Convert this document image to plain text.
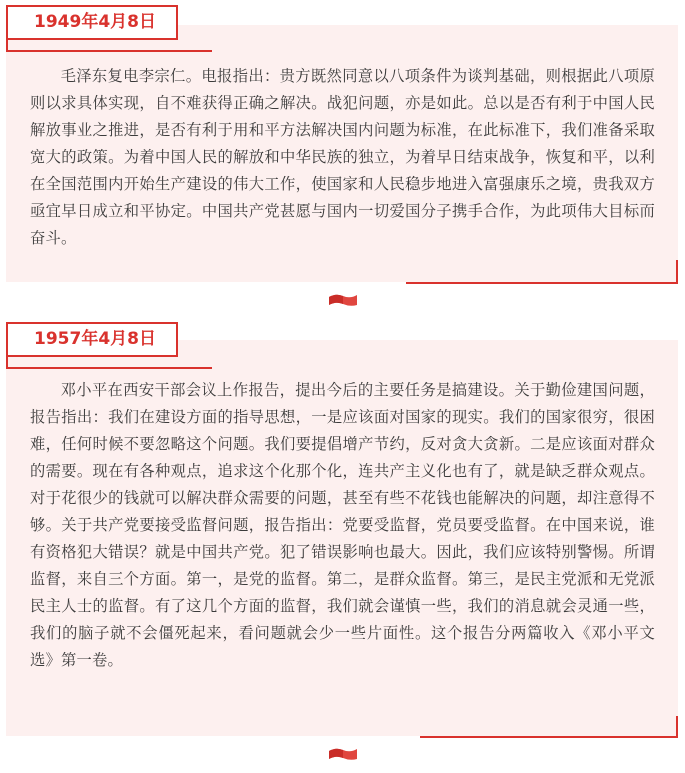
1949年4月8日

毛泽东复电李宗仁。电报指出：贵方既然同意以八项条件为谈判基础，则根据此八项原则以求具体实现，自不难获得正确之解决。战犯问题，亦是如此。总以是否有利于中国人民解放事业之推进，是否有利于用和平方法解决国内问题为标准，在此标准下，我们准备采取宽大的政策。为着中国人民的解放和中华民族的独立，为着早日结束战争，恢复和平，以利在全国范围内开始生产建设的伟大工作，使国家和人民稳步地进入富强康乐之境，贵我双方亟宜早日成立和平协定。中国共产党甚愿与国内一切爱国分子携手合作，为此项伟大目标而奋斗。

1957年4月8日

邓小平在西安干部会议上作报告，提出今后的主要任务是搞建设。关于勤俭建国问题，报告指出：我们在建设方面的指导思想，一是应该面对国家的现实。我们的国家很穷，很困难，任何时候不要忽略这个问题。我们要提倡增产节约，反对贪大贪新。二是应该面对群众的需要。现在有各种观点，追求这个化那个化，连共产主义化也有了，就是缺乏群众观点。对于花很少的钱就可以解决群众需要的问题，甚至有些不花钱也能解决的问题，却注意得不够。关于共产党要接受监督问题，报告指出：党要受监督，党员要受监督。在中国来说，谁有资格犯大错误？就是中国共产党。犯了错误影响也最大。因此，我们应该特别警惕。所谓监督，来自三个方面。第一，是党的监督。第二，是群众监督。第三，是民主党派和无党派民主人士的监督。有了这几个方面的监督，我们就会谨慎一些，我们的消息就会灵通一些，我们的脑子就不会僵死起来，看问题就会少一些片面性。这个报告分两篇收入《邓小平文选》第一卷。
